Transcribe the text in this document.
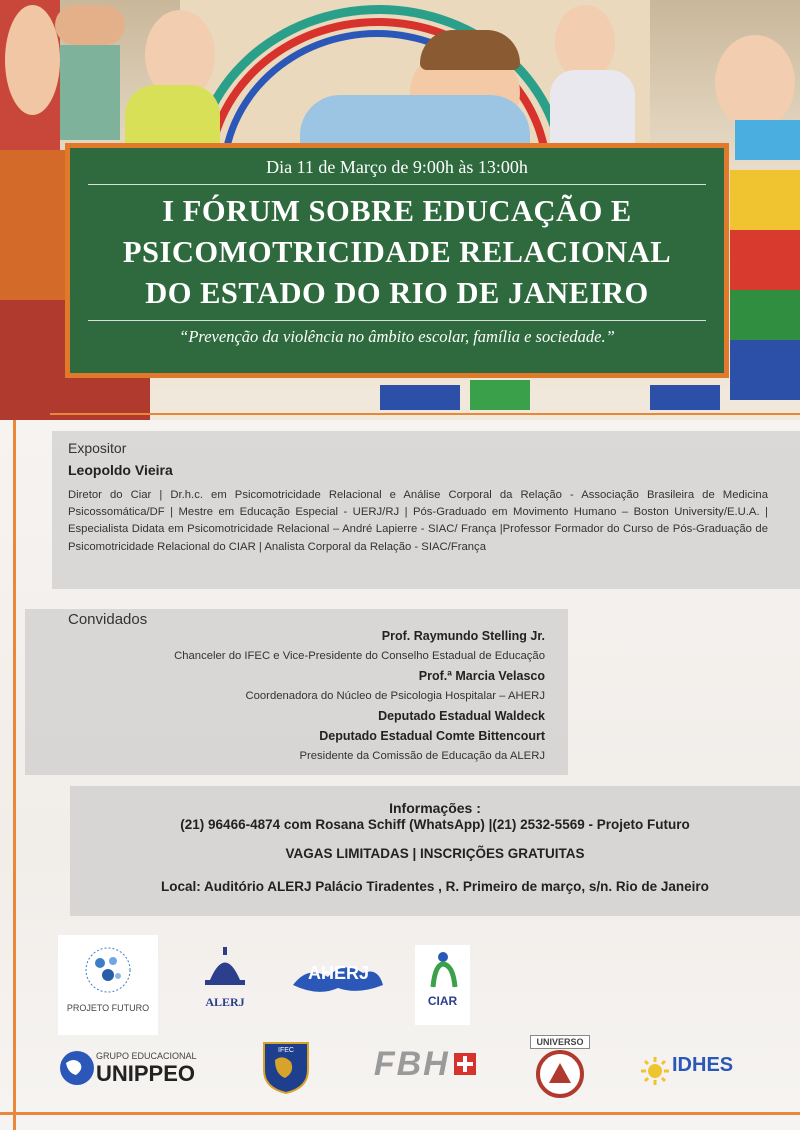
Dia 11 de Março de 9:00h às 13:00h
I FÓRUM SOBRE EDUCAÇÃO E
PSICOMOTRICIDADE RELACIONAL
DO ESTADO DO RIO DE JANEIRO
“Prevenção da violência no âmbito escolar, família e sociedade.”
Expositor
Leopoldo Vieira
Diretor do Ciar | Dr.h.c. em Psicomotricidade Relacional e Análise Corporal da Relação - Associação Brasileira de Medicina Psicossomática/DF | Mestre em Educação Especial - UERJ/RJ | Pós-Graduado em Movimento Humano – Boston University/E.U.A. | Especialista Didata em Psicomotricidade Relacional – André Lapierre - SIAC/ França |Professor Formador do Curso de Pós-Graduação de Psicomotricidade Relacional do CIAR | Analista Corporal da Relação - SIAC/França
Convidados
Prof. Raymundo Stelling Jr.
Chanceler do IFEC e Vice-Presidente do Conselho Estadual de Educação
Prof.ª Marcia Velasco
Coordenadora do Núcleo de Psicologia Hospitalar – AHERJ
Deputado Estadual Waldeck
Deputado Estadual Comte Bittencourt
Presidente da Comissão de Educação da ALERJ
Informações :
(21) 96466-4874 com Rosana Schiff (WhatsApp) |(21) 2532-5569 - Projeto Futuro
VAGAS LIMITADAS | INSCRIÇÕES GRATUITAS
Local: Auditório ALERJ Palácio Tiradentes , R. Primeiro de março, s/n. Rio de Janeiro
PROJETO FUTURO	ALERJ
AHERJ
CIAR
GRUPO EDUCACIONAL
UNIPPEO
IFEC FBH
UNIVERSO
IDHES
